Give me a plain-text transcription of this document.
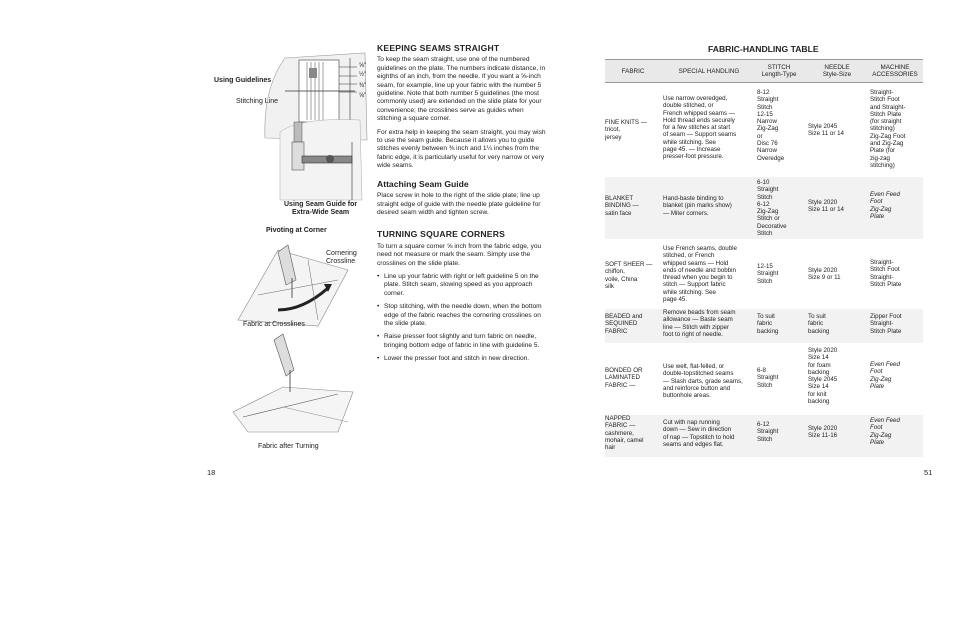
⅝"
½"
⅜"
⅝"
Using Guidelines
Stitching Line
Using Seam Guide for
Extra-Wide Seam
Pivoting at Corner
Cornering
Crossline
Fabric at Crosslines
Fabric after Turning
KEEPING SEAMS STRAIGHT

To keep the seam straight, use one of the numbered guidelines on the plate. The numbers indicate distance, in eighths of an inch, from the needle. If you want a ⅝-inch seam, for example, line up your fabric with the number 5 guideline. Note that both number 5 guidelines (the most commonly used) are extended on the slide plate for your convenience; the crosslines serve as guides when stitching a square corner.

For extra help in keeping the seam straight, you may wish to use the seam guide. Because it allows you to guide stitches evenly between ⅜ inch and 1¼ inches from the fabric edge, it is particularly useful for very narrow or very wide seams.

Attaching Seam Guide

Place screw in hole to the right of the slide plate; line up straight edge of guide with the needle plate guideline for desired seam width and tighten screw.

TURNING SQUARE CORNERS

To turn a square corner ⅝ inch from the fabric edge, you need not measure or mark the seam. Simply use the crosslines on the slide plate.

• Line up your fabric with right or left guideline 5 on the plate. Stitch seam, slowing speed as you approach corner.
• Stop stitching, with the needle down, when the bottom edge of the fabric reaches the cornering crosslines on the slide plate.
• Raise presser foot slightly and turn fabric on needle, bringing bottom edge of fabric in line with guideline 5.
• Lower the presser foot and stitch in new direction.
18
FABRIC-HANDLING TABLE
FABRIC	SPECIAL HANDLING
STITCH
Length-Type
NEEDLE
Style-Size
MACHINE
ACCESSORIES
FINE KNITS —
tricot,
jersey
Use narrow overedged,
double stitched, or
French whipped seams —
Hold thread ends securely
for a few stitches at start
of seam — Support seams
while stitching. See
page 45. — Increase
presser-foot pressure.
8-12
Straight
Stitch
12-15
Narrow
Zig-Zag
or
Disc 76
Narrow
Overedge
Style 2045
Size 11 or 14
Straight-
Stitch Foot
and Straight-
Stitch Plate
(for straight
stitching)
Zig-Zag Foot
and Zig-Zag
Plate (for
zig-zag
stitching)
BLANKET
BINDING —
satin face
Hand-baste binding to
blanket (pin marks show)
— Miter corners.
6-10
Straight
Stitch
6-12
Zig-Zag
Stitch or
Decorative
Stitch
Style 2020
Size 11 or 14
Even Feed
Foot
Zig-Zag
Plate
SOFT SHEER —
chiffon,
voile, China
silk
Use French seams, double
stitched, or French
whipped seams — Hold
ends of needle and bobbin
thread when you begin to
stitch — Support fabric
while stitching. See
page 45.
12-15
Straight
Stitch
Style 2020
Size 9 or 11
Straight-
Stitch Foot
Straight-
Stitch Plate
BEADED and
SEQUINED
FABRIC
Remove beads from seam
allowance — Baste seam
line — Stitch with zipper
foot to right of needle.
To suit
fabric
backing
To suit
fabric
backing
Zipper Foot
Straight-
Stitch Plate
BONDED OR
LAMINATED
FABRIC —
Use welt, flat-felled, or
double-topstitched seams
— Slash darts, grade seams,
and reinforce button and
buttonhole areas.
6-8
Straight
Stitch
Style 2020
Size 14
for foam
backing
Style 2045
Size 14
for knit
backing
Even Feed
Foot
Zig-Zag
Plate
NAPPED
FABRIC —
cashmere,
mohair, camel
hair
Cut with nap running
down — Sew in direction
of nap — Topstitch to hold
seams and edges flat.
6-12
Straight
Stitch
Style 2020
Size 11-16
Even Feed
Foot
Zig-Zag
Plate
51
